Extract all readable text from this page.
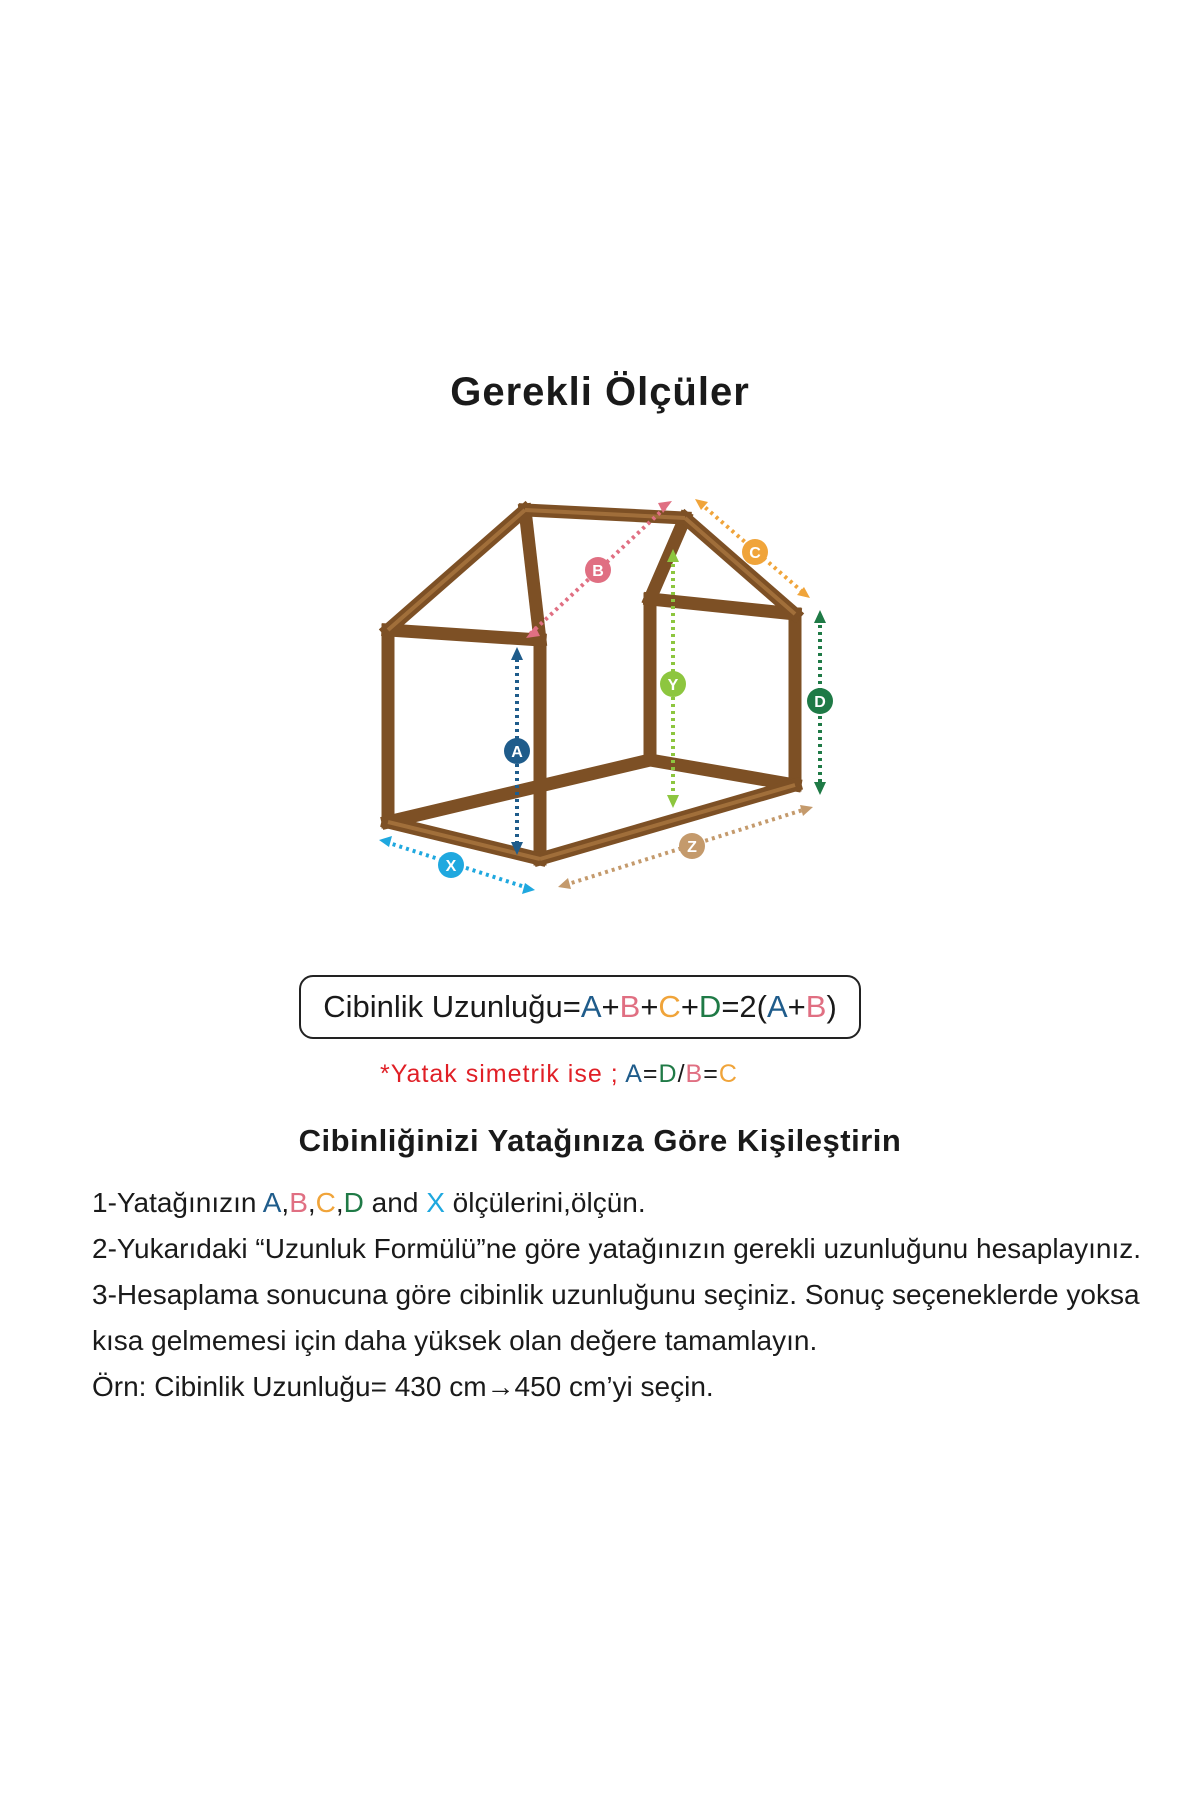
Gerekli Ölçüler
A
B
C
Y
D
X
Z
Cibinlik Uzunluğu= A + B + C + D =2( A + B )
*Yatak simetrik ise ; A=D/B=C
Cibinliğinizi Yatağınıza Göre Kişileştirin
1-Yatağınızın A,B,C,D and X ölçülerini,ölçün.
2-Yukarıdaki “Uzunluk Formülü”ne göre yatağınızın gerekli uzunluğunu hesaplayınız.
3-Hesaplama sonucuna göre cibinlik uzunluğunu seçiniz. Sonuç seçeneklerde yoksa
kısa gelmemesi için daha yüksek olan değere tamamlayın.
Örn: Cibinlik Uzunluğu= 430 cm→450 cm’yi seçin.
